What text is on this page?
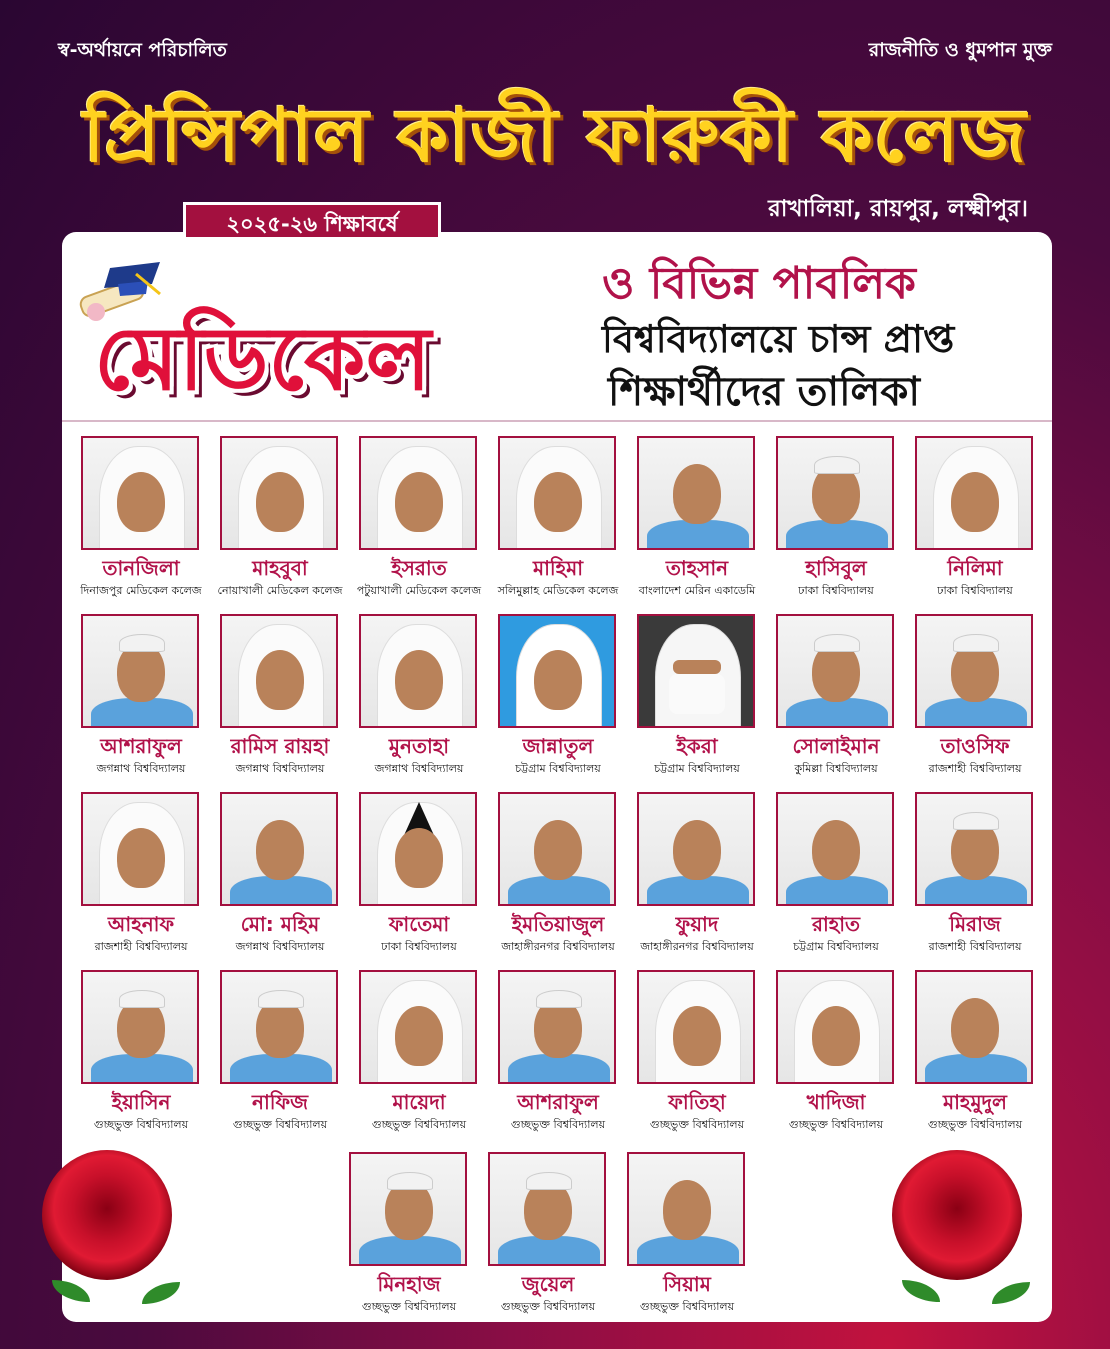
স্ব-অর্থায়নে পরিচালিত	রাজনীতি ও ধুমপান মুক্ত
প্রিন্সিপাল কাজী ফারুকী কলেজ
রাখালিয়া, রায়পুর, লক্ষ্মীপুর।
মেডিকেল
ও বিভিন্ন পাবলিক
বিশ্ববিদ্যালয়ে চান্স প্রাপ্ত
শিক্ষার্থীদের তালিকা
তানজিলা
দিনাজপুর মেডিকেল কলেজ
মাহবুবা
নোয়াখালী মেডিকেল কলেজ
ইসরাত
পটুয়াখালী মেডিকেল কলেজ
মাহিমা
সলিমুল্লাহ মেডিকেল কলেজ
তাহসান
বাংলাদেশ মেরিন একাডেমি
হাসিবুল
ঢাকা বিশ্ববিদ্যালয়
নিলিমা
ঢাকা বিশ্ববিদ্যালয়
আশরাফুল
জগন্নাথ বিশ্ববিদ্যালয়
রামিস রায়হা
জগন্নাথ বিশ্ববিদ্যালয়
মুনতাহা
জগন্নাথ বিশ্ববিদ্যালয়
জান্নাতুল
চট্টগ্রাম বিশ্ববিদ্যালয়
ইকরা
চট্টগ্রাম বিশ্ববিদ্যালয়
সোলাইমান
কুমিল্লা বিশ্ববিদ্যালয়
তাওসিফ
রাজশাহী বিশ্ববিদ্যালয়
আহনাফ
রাজশাহী বিশ্ববিদ্যালয়
মো: মহিম
জগন্নাথ বিশ্ববিদ্যালয়
ফাতেমা
ঢাকা বিশ্ববিদ্যালয়
ইমতিয়াজুল
জাহাঙ্গীরনগর বিশ্ববিদ্যালয়
ফুয়াদ
জাহাঙ্গীরনগর বিশ্ববিদ্যালয়
রাহাত
চট্টগ্রাম বিশ্ববিদ্যালয়
মিরাজ
রাজশাহী বিশ্ববিদ্যালয়
ইয়াসিন
গুচ্ছভুক্ত বিশ্ববিদ্যালয়
নাফিজ
গুচ্ছভুক্ত বিশ্ববিদ্যালয়
মায়েদা
গুচ্ছভুক্ত বিশ্ববিদ্যালয়
আশরাফুল
গুচ্ছভুক্ত বিশ্ববিদ্যালয়
ফাতিহা
গুচ্ছভুক্ত বিশ্ববিদ্যালয়
খাদিজা
গুচ্ছভুক্ত বিশ্ববিদ্যালয়
মাহমুদুল
গুচ্ছভুক্ত বিশ্ববিদ্যালয়
মিনহাজ
গুচ্ছভুক্ত বিশ্ববিদ্যালয়
জুয়েল
গুচ্ছভুক্ত বিশ্ববিদ্যালয়
সিয়াম
গুচ্ছভুক্ত বিশ্ববিদ্যালয়
২০২৫-২৬ শিক্ষাবর্ষে
